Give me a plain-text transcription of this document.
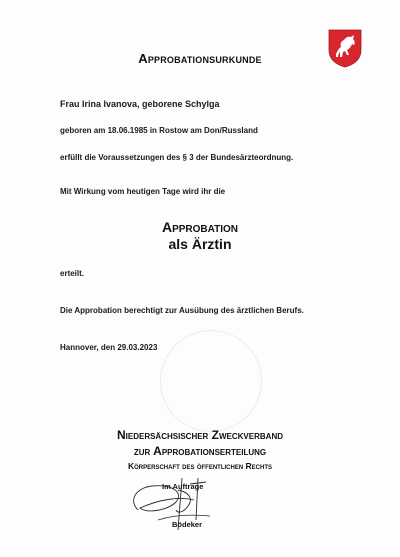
Approbationsurkunde
Frau Irina Ivanova, geborene Schylga
geboren am 18.06.1985 in Rostow am Don/Russland
erfüllt die Voraussetzungen des § 3 der Bundesärzteordnung.
Mit Wirkung vom heutigen Tage wird ihr die
Approbation
als Ärztin
erteilt.
Die Approbation berechtigt zur Ausübung des ärztlichen Berufs.
Hannover, den 29.03.2023
Niedersächsischer Zweckverband
zur Approbationserteilung
Körperschaft des öffentlichen Rechts
Im Auftrage
Bödeker
